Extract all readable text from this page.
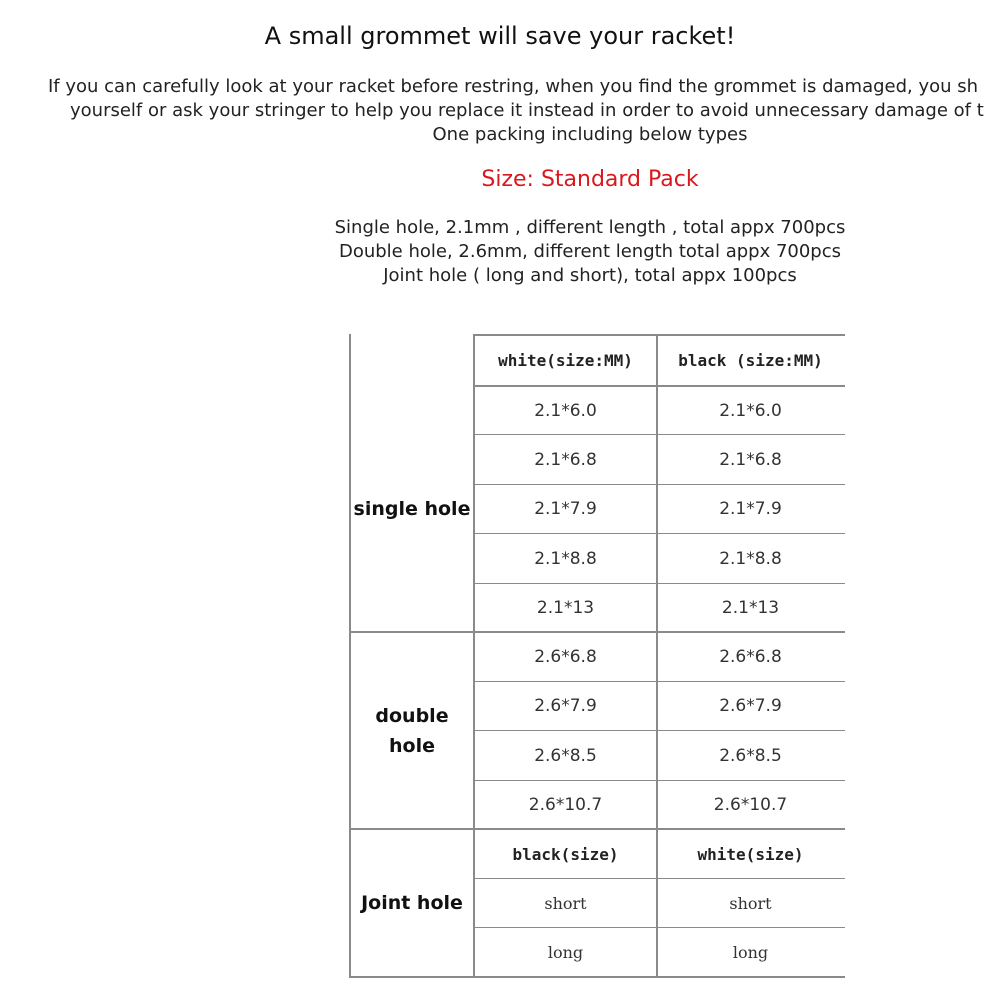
A small grommet will save your racket!
If you can carefully look at your racket before restring, when you find the grommet is damaged, you sh
yourself or ask your stringer to help you replace it instead in order to avoid unnecessary damage of t
One packing including below types
Size: Standard Pack
Single hole, 2.1mm , different length , total appx 700pcs
Double hole, 2.6mm, different length total appx 700pcs
Joint hole ( long and short), total appx 100pcs
white(size:MM)	black (size:MM)
single hole
2.1*6.0	2.1*6.0
2.1*6.8	2.1*6.8
2.1*7.9	2.1*7.9
2.1*8.8	2.1*8.8
2.1*13	2.1*13
double
hole
2.6*6.8	2.6*6.8
2.6*7.9	2.6*7.9
2.6*8.5	2.6*8.5
2.6*10.7	2.6*10.7
Joint hole
black(size)	white(size)
short	short
long	long
